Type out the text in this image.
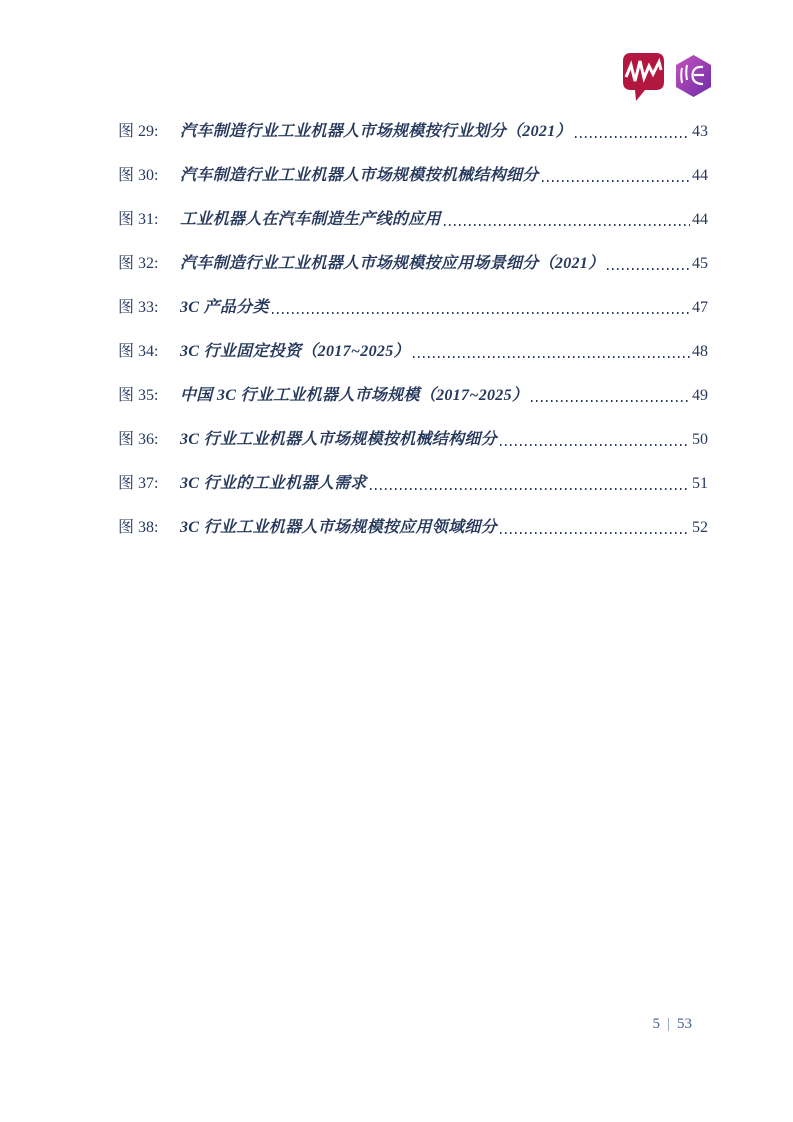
图 29:	汽车制造行业工业机器人市场规模按行业划分（2021）	43
图 30:	汽车制造行业工业机器人市场规模按机械结构细分	44
图 31:	工业机器人在汽车制造生产线的应用	44
图 32:	汽车制造行业工业机器人市场规模按应用场景细分（2021）	45
图 33:	3C 产品分类	47
图 34:	3C 行业固定投资（2017~2025）	48
图 35:	中国 3C 行业工业机器人市场规模（2017~2025）	49
图 36:	3C 行业工业机器人市场规模按机械结构细分	50
图 37:	3C 行业的工业机器人需求	51
图 38:	3C 行业工业机器人市场规模按应用领域细分	52
5 | 53
